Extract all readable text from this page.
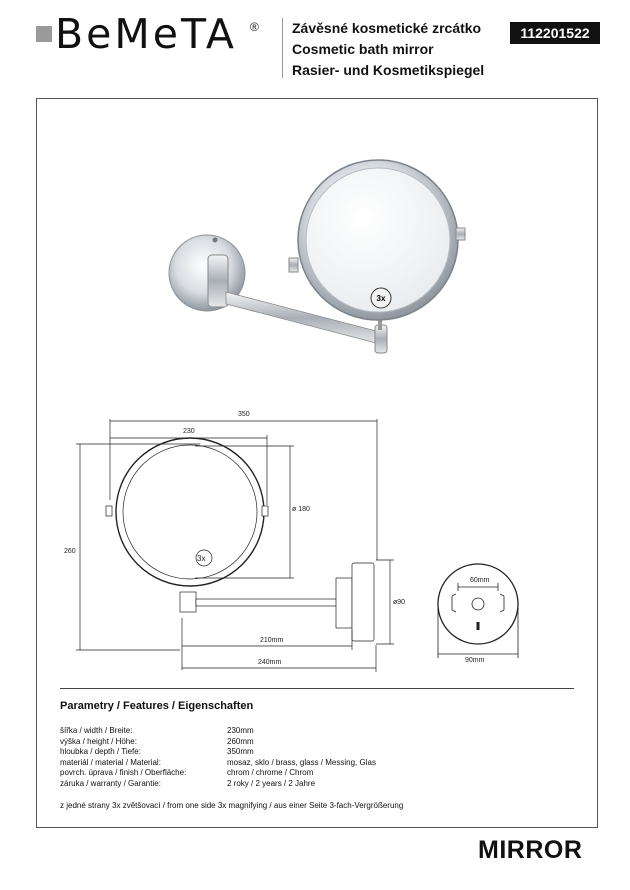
BeMeTA ® Závěsné kosmetické zrcátko
Cosmetic bath mirror
Rasier- und Kosmetikspiegel
112201522
3x
350
230
ø 180
260
ø90
210mm
240mm
60mm
90mm
3x
Parametry / Features / Eigenschaften
šířka / width / Breite:	230mm
výška / height / Höhe:	260mm
hloubka / depth / Tiefe:	350mm
materiál / material / Material:	mosaz, sklo / brass, glass / Messing, Glas
povrch. úprava / finish / Oberfläche:	chrom / chrome / Chrom
záruka / warranty / Garantie:	2 roky / 2 years / 2 Jahre
z jedné strany 3x zvětšovací / from one side 3x magnifying / aus einer Seite 3-fach-Vergrößerung
MIRROR
